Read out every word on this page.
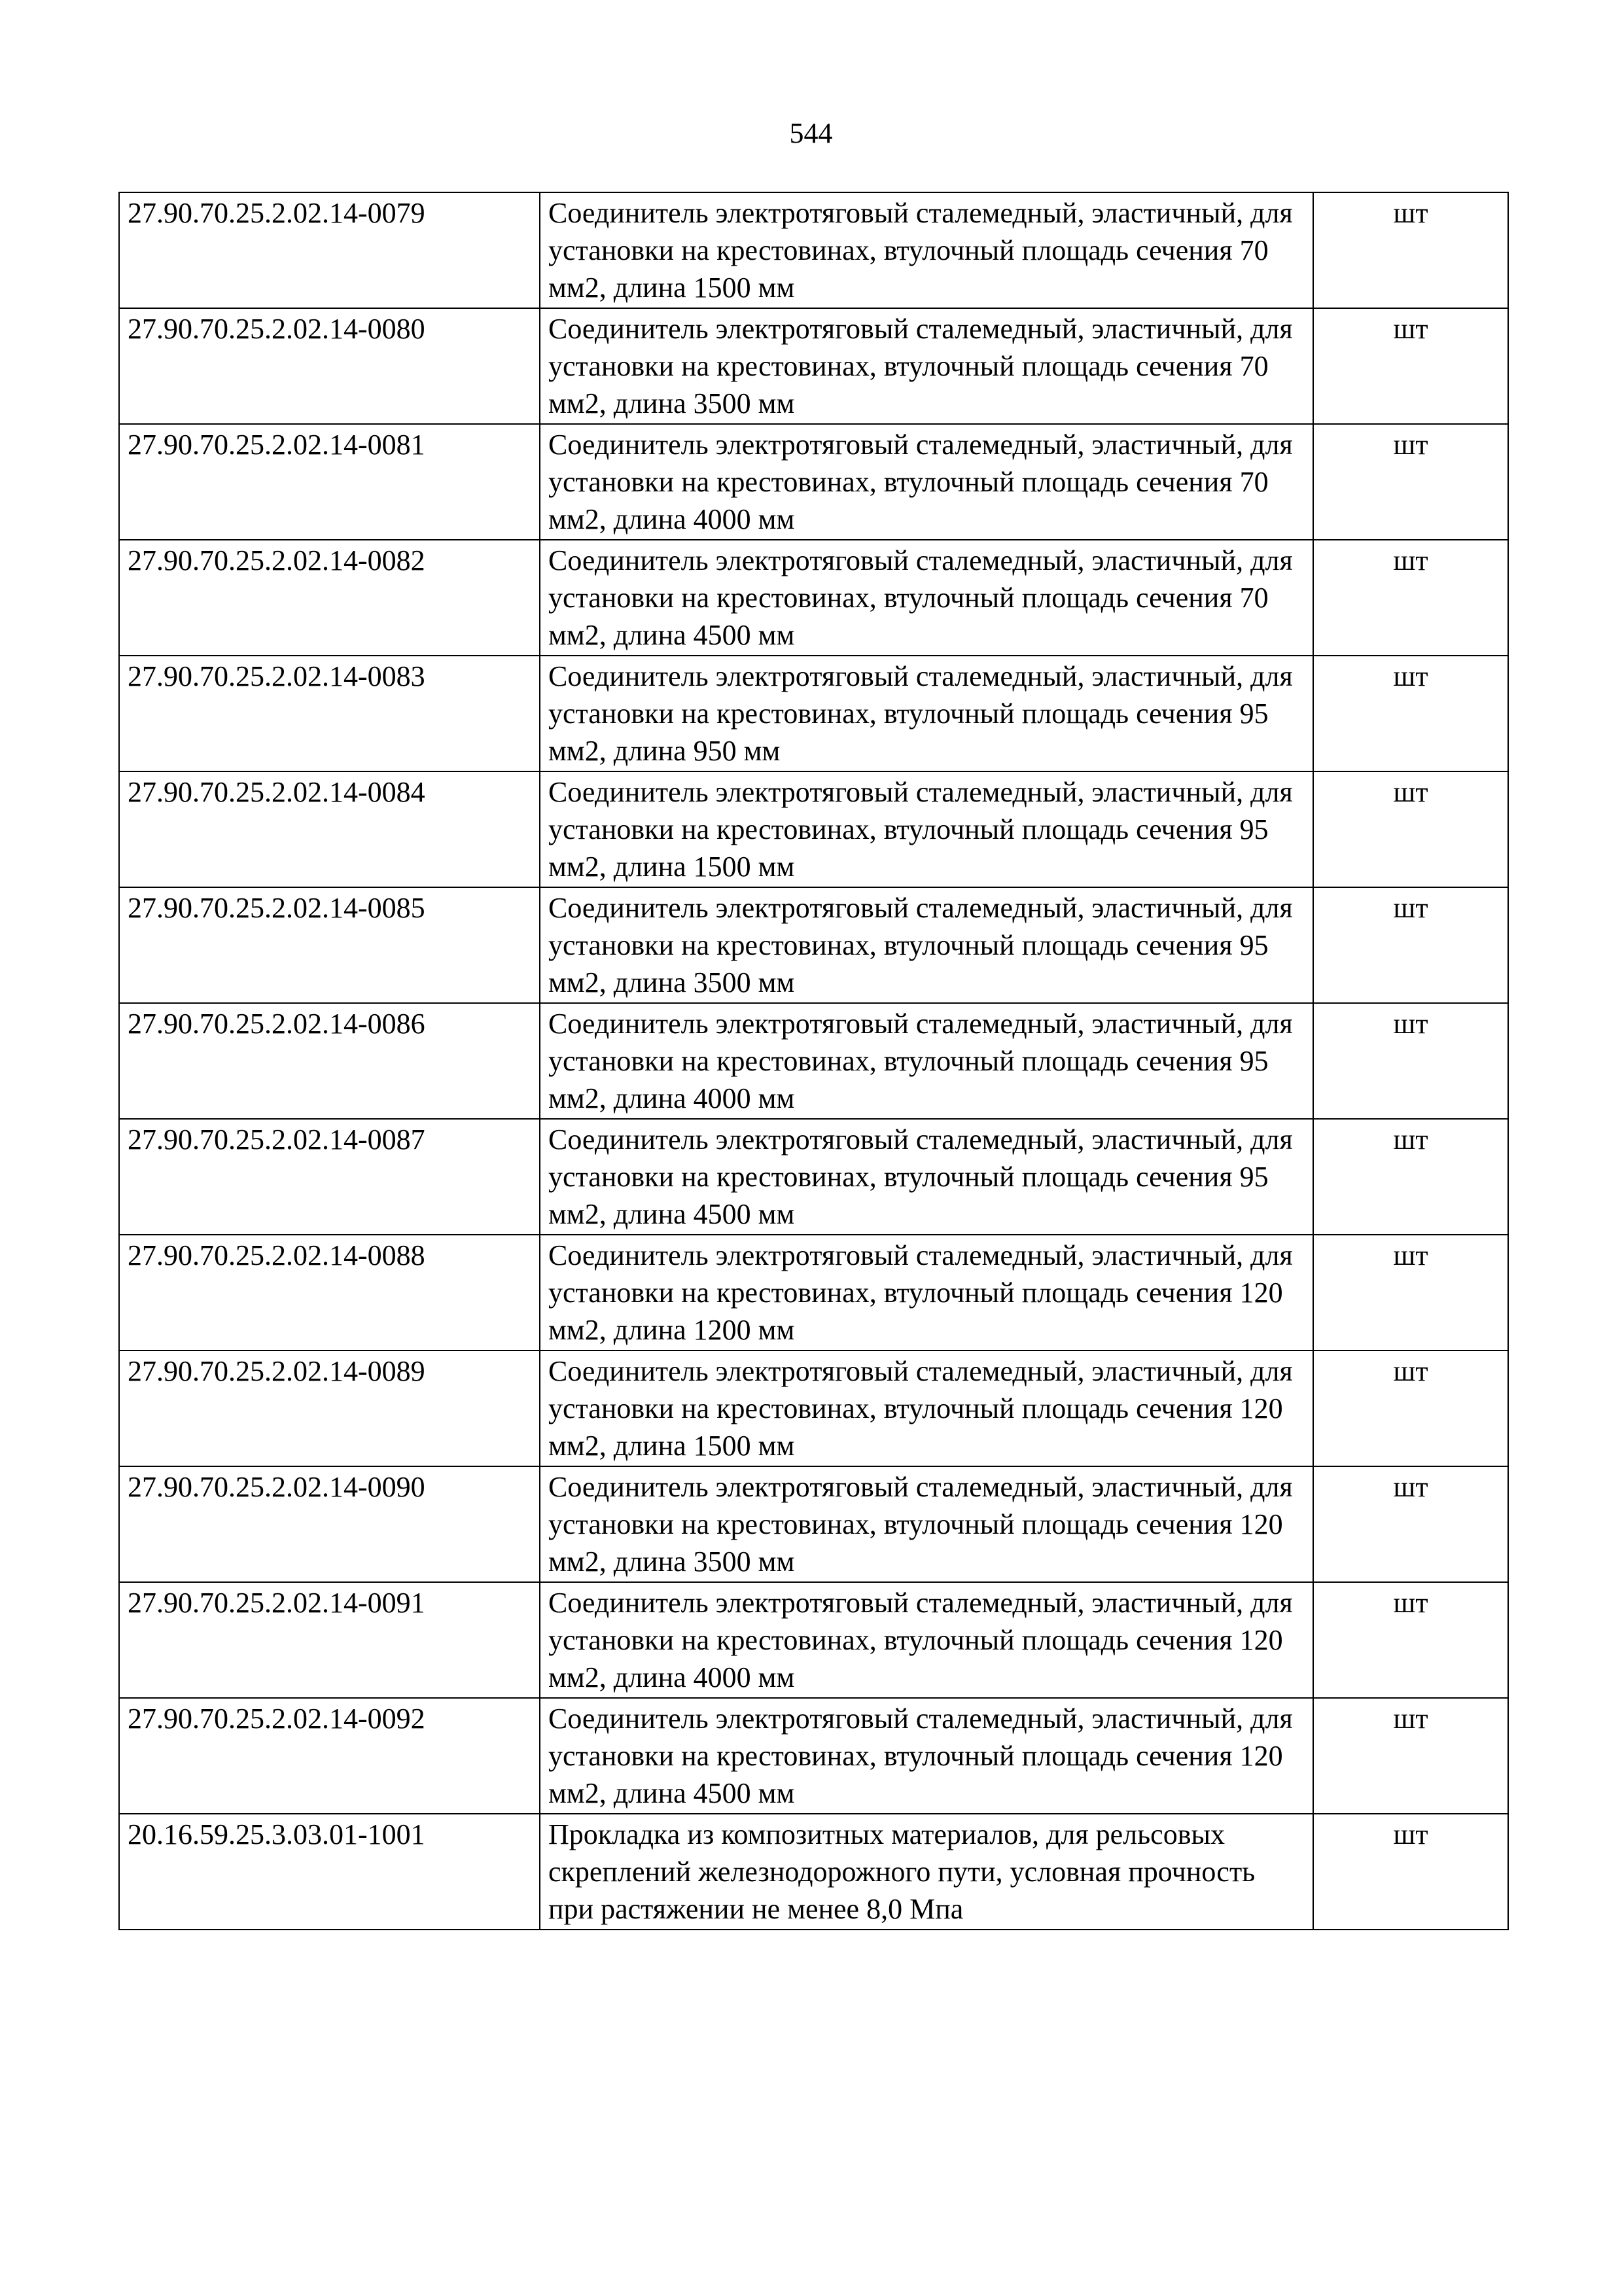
544
27.90.70.25.2.02.14-0079	Соединитель электротяговый сталемедный, эластичный, для установки на крестовинах, втулочный площадь сечения 70 мм2, длина 1500 мм	шт
27.90.70.25.2.02.14-0080	Соединитель электротяговый сталемедный, эластичный, для установки на крестовинах, втулочный площадь сечения 70 мм2, длина 3500 мм	шт
27.90.70.25.2.02.14-0081	Соединитель электротяговый сталемедный, эластичный, для установки на крестовинах, втулочный площадь сечения 70 мм2, длина 4000 мм	шт
27.90.70.25.2.02.14-0082	Соединитель электротяговый сталемедный, эластичный, для установки на крестовинах, втулочный площадь сечения 70 мм2, длина 4500 мм	шт
27.90.70.25.2.02.14-0083	Соединитель электротяговый сталемедный, эластичный, для установки на крестовинах, втулочный площадь сечения 95 мм2, длина 950 мм	шт
27.90.70.25.2.02.14-0084	Соединитель электротяговый сталемедный, эластичный, для установки на крестовинах, втулочный площадь сечения 95 мм2, длина 1500 мм	шт
27.90.70.25.2.02.14-0085	Соединитель электротяговый сталемедный, эластичный, для установки на крестовинах, втулочный площадь сечения 95 мм2, длина 3500 мм	шт
27.90.70.25.2.02.14-0086	Соединитель электротяговый сталемедный, эластичный, для установки на крестовинах, втулочный площадь сечения 95 мм2, длина 4000 мм	шт
27.90.70.25.2.02.14-0087	Соединитель электротяговый сталемедный, эластичный, для установки на крестовинах, втулочный площадь сечения 95 мм2, длина 4500 мм	шт
27.90.70.25.2.02.14-0088	Соединитель электротяговый сталемедный, эластичный, для установки на крестовинах, втулочный площадь сечения 120 мм2, длина 1200 мм	шт
27.90.70.25.2.02.14-0089	Соединитель электротяговый сталемедный, эластичный, для установки на крестовинах, втулочный площадь сечения 120 мм2, длина 1500 мм	шт
27.90.70.25.2.02.14-0090	Соединитель электротяговый сталемедный, эластичный, для установки на крестовинах, втулочный площадь сечения 120 мм2, длина 3500 мм	шт
27.90.70.25.2.02.14-0091	Соединитель электротяговый сталемедный, эластичный, для установки на крестовинах, втулочный площадь сечения 120 мм2, длина 4000 мм	шт
27.90.70.25.2.02.14-0092	Соединитель электротяговый сталемедный, эластичный, для установки на крестовинах, втулочный площадь сечения 120 мм2, длина 4500 мм	шт
20.16.59.25.3.03.01-1001	Прокладка из композитных материалов, для рельсовых скреплений железнодорожного пути, условная прочность при растяжении не менее 8,0 Мпа	шт
